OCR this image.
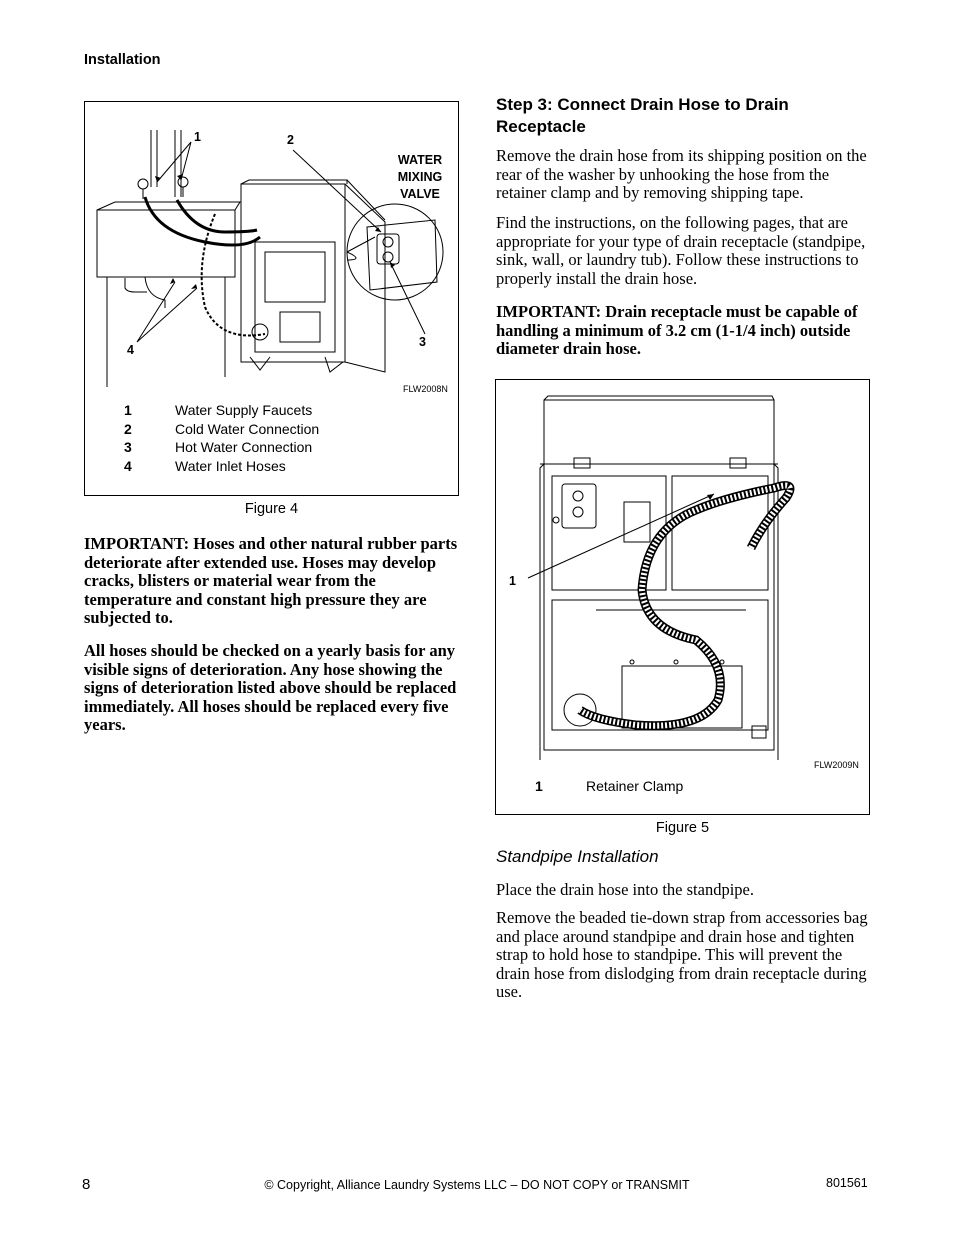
Installation
1	2
3
4
WATER
MIXING
VALVE
FLW2008N
1	Water Supply Faucets
2	Cold Water Connection
3	Hot Water Connection
4	Water Inlet Hoses
Figure 4
IMPORTANT: Hoses and other natural rubber parts deteriorate after extended use. Hoses may develop cracks, blisters or material wear from the temperature and constant high pressure they are subjected to.
All hoses should be checked on a yearly basis for any visible signs of deterioration. Any hose showing the signs of deterioration listed above should be replaced immediately. All hoses should be replaced every five years.
Step 3: Connect Drain Hose to Drain Receptacle
Remove the drain hose from its shipping position on the rear of the washer by unhooking the hose from the retainer clamp and by removing shipping tape.
Find the instructions, on the following pages, that are appropriate for your type of drain receptacle (standpipe, sink, wall, or laundry tub). Follow these instructions to properly install the drain hose.
IMPORTANT: Drain receptacle must be capable of handling a minimum of 3.2 cm (1-1/4 inch) outside diameter drain hose.
1
FLW2009N
1	Retainer Clamp
Figure 5
Standpipe Installation
Place the drain hose into the standpipe.
Remove the beaded tie-down strap from accessories bag and place around standpipe and drain hose and tighten strap to hold hose to standpipe. This will prevent the drain hose from dislodging from drain receptacle during use.
8	© Copyright, Alliance Laundry Systems LLC – DO NOT COPY or TRANSMIT	801561
